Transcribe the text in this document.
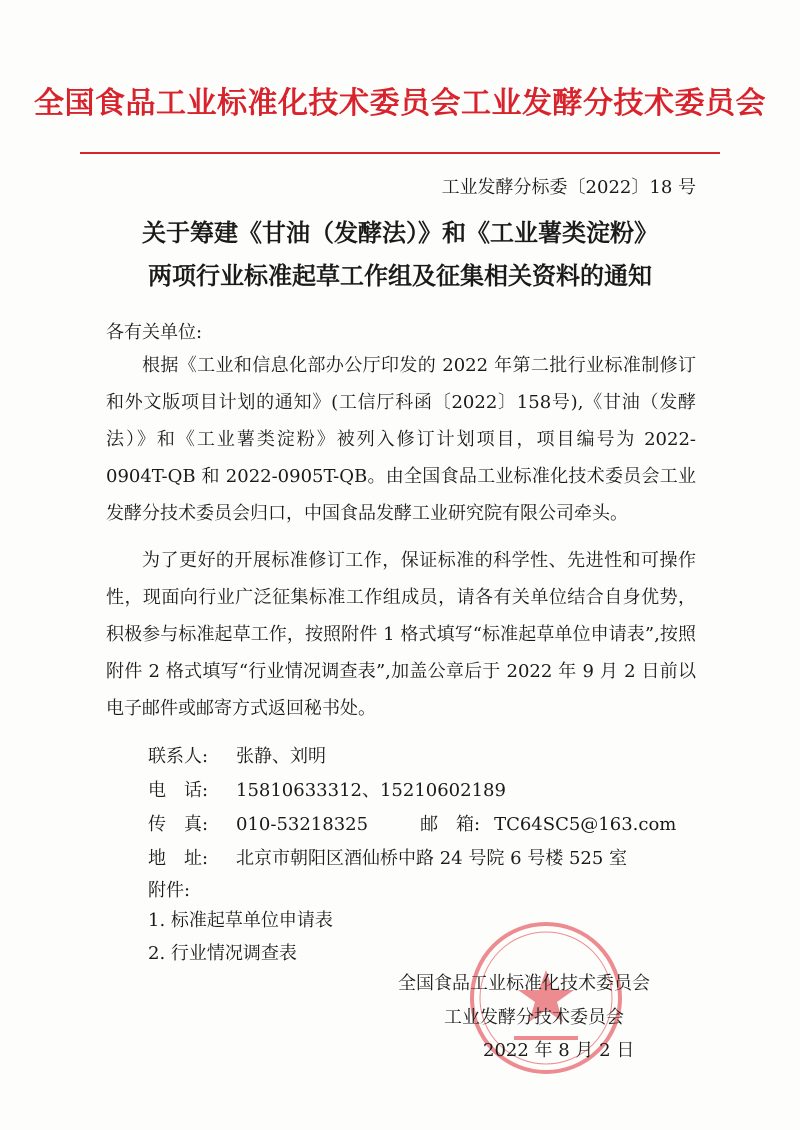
全国食品工业标准化技术委员会工业发酵分技术委员会
工业发酵分标委〔2022〕18 号
关于筹建《甘油（发酵法）》和《工业薯类淀粉》
两项行业标准起草工作组及征集相关资料的通知
各有关单位:
根据《工业和信息化部办公厅印发的 2022 年第二批行业标准制修订和外文版项目计划的通知》(工信厅科函〔2022〕158号),《甘油（发酵法）》和《工业薯类淀粉》被列入修订计划项目，项目编号为 2022-0904T-QB 和 2022-0905T-QB。由全国食品工业标准化技术委员会工业发酵分技术委员会归口，中国食品发酵工业研究院有限公司牵头。
为了更好的开展标准修订工作，保证标准的科学性、先进性和可操作性，现面向行业广泛征集标准工作组成员，请各有关单位结合自身优势，积极参与标准起草工作，按照附件 1 格式填写“标准起草单位申请表”,按照附件 2 格式填写“行业情况调查表”,加盖公章后于 2022 年 9 月 2 日前以电子邮件或邮寄方式返回秘书处。
联系人: 张静、刘明
电　话: 15810633312、15210602189
传　真: 010-53218325	邮　箱: TC64SC5@163.com
地　址: 北京市朝阳区酒仙桥中路 24 号院 6 号楼 525 室
附件:
1. 标准起草单位申请表
2. 行业情况调查表
全国食品工业标准化技术委员会
工业发酵分技术委员会
2022 年 8 月 2 日
